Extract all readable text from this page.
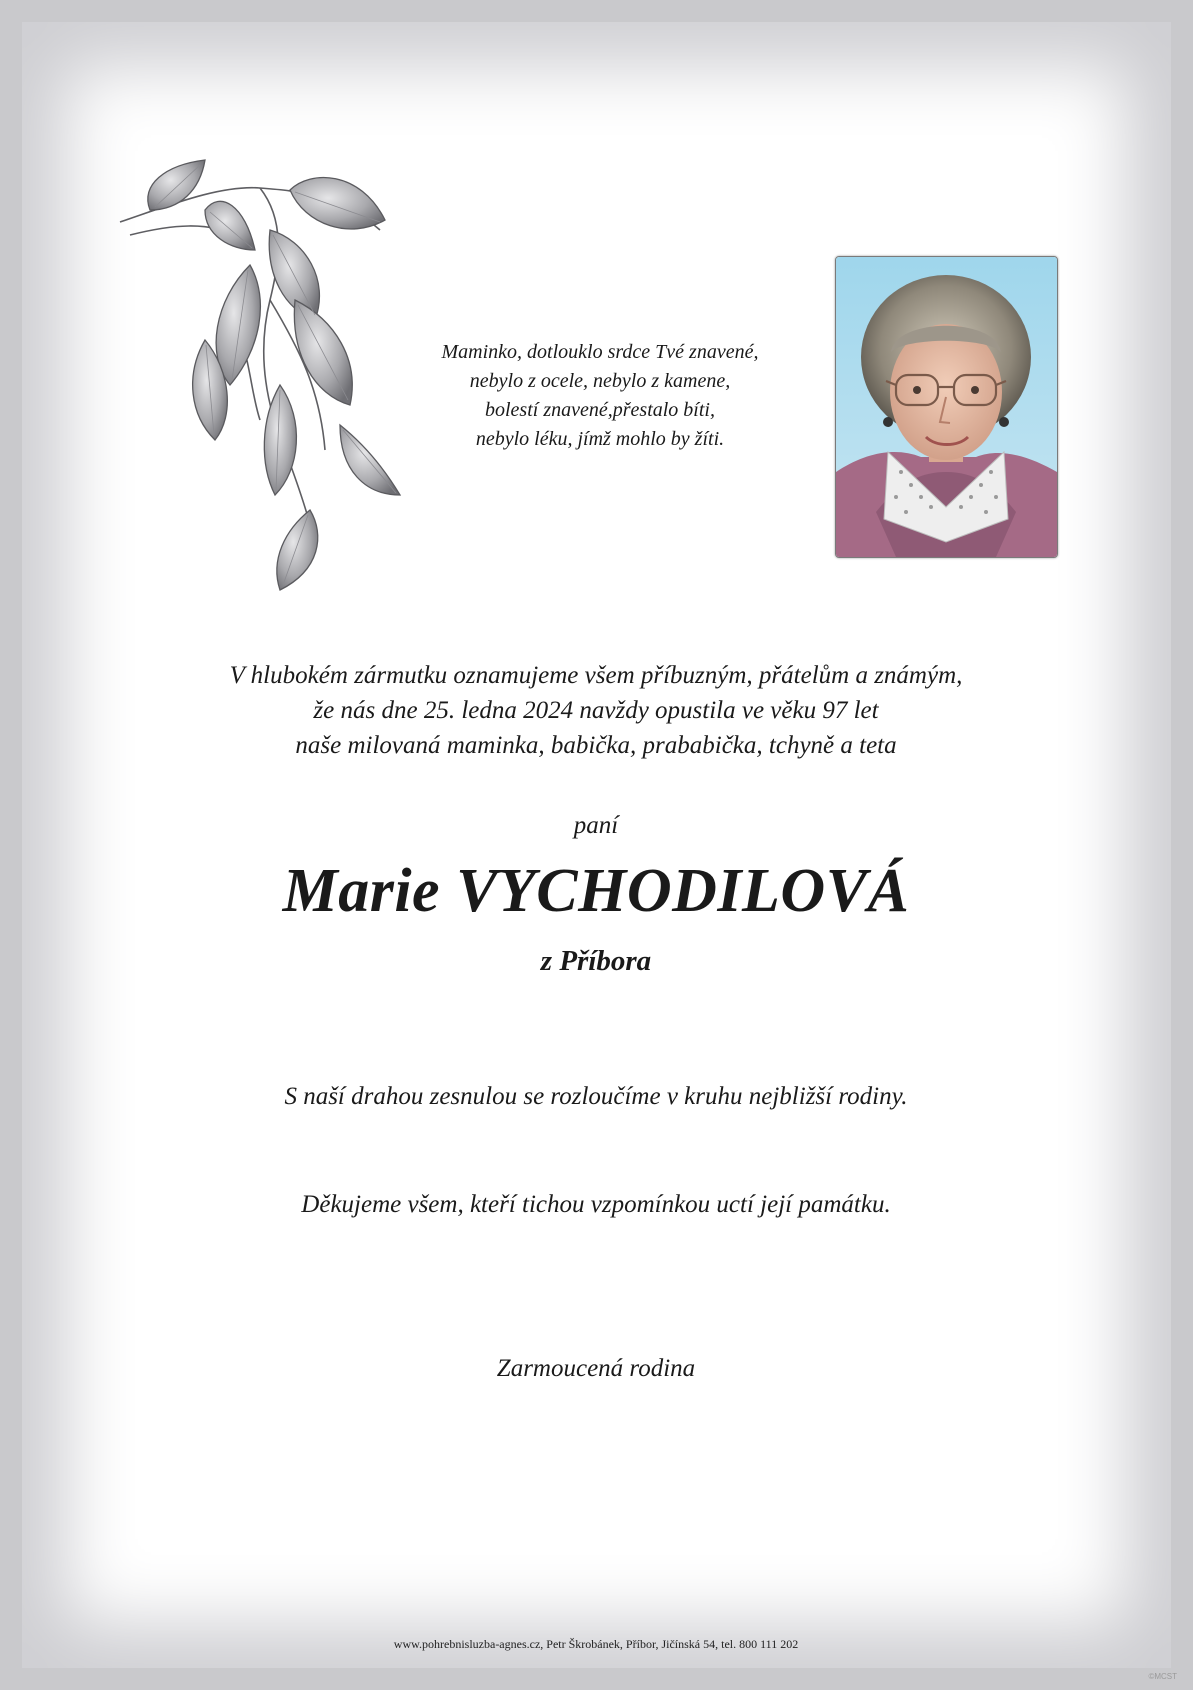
Maminko, dotlouklo srdce Tvé znavené,
nebylo z ocele, nebylo z kamene,
bolestí znavené,přestalo bíti,
nebylo léku, jímž mohlo by žíti.
V hlubokém zármutku oznamujeme všem příbuzným, přátelům a známým,
že nás dne 25. ledna 2024 navždy opustila ve věku 97 let
naše milovaná maminka, babička, prababička, tchyně a teta
paní
Marie VYCHODILOVÁ
z Příbora
S naší drahou zesnulou se rozloučíme v kruhu nejbližší rodiny.
Děkujeme všem, kteří tichou vzpomínkou uctí její památku.
Zarmoucená rodina
www.pohrebnisluzba-agnes.cz, Petr Škrobánek, Příbor, Jičínská 54, tel. 800 111 202
©MCST
